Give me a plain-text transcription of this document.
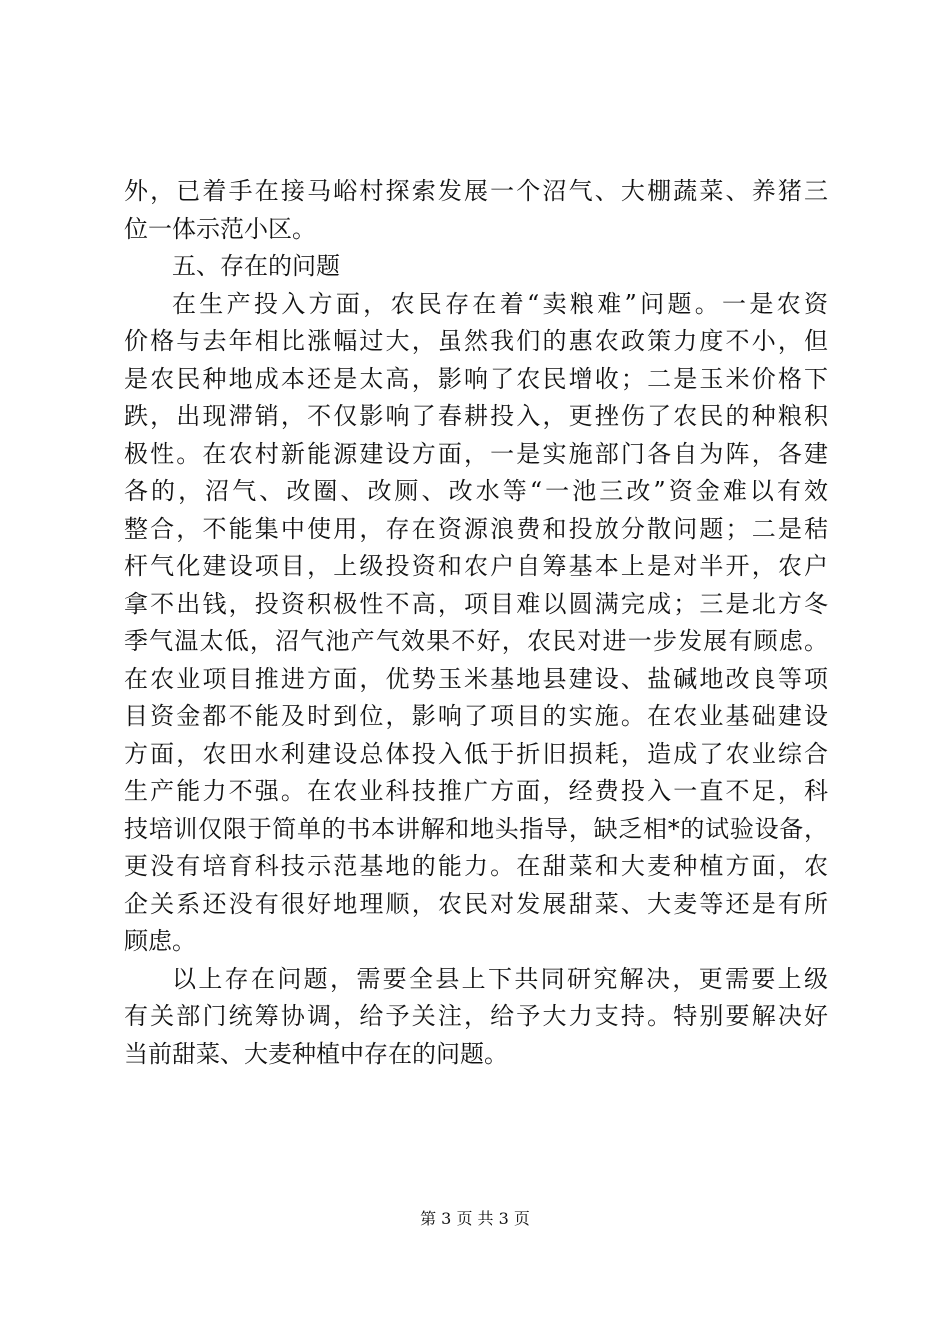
外，已着手在接马峪村探索发展一个沼气、大棚蔬菜、养猪三
位一体示范小区。
五、存在的问题
在生产投入方面，农民存在着“卖粮难”问题。一是农资
价格与去年相比涨幅过大，虽然我们的惠农政策力度不小，但
是农民种地成本还是太高，影响了农民增收；二是玉米价格下
跌，出现滞销，不仅影响了春耕投入，更挫伤了农民的种粮积
极性。在农村新能源建设方面，一是实施部门各自为阵，各建
各的，沼气、改圈、改厕、改水等“一池三改”资金难以有效
整合，不能集中使用，存在资源浪费和投放分散问题；二是秸
杆气化建设项目，上级投资和农户自筹基本上是对半开，农户
拿不出钱，投资积极性不高，项目难以圆满完成；三是北方冬
季气温太低，沼气池产气效果不好，农民对进一步发展有顾虑。
在农业项目推进方面，优势玉米基地县建设、盐碱地改良等项
目资金都不能及时到位，影响了项目的实施。在农业基础建设
方面，农田水利建设总体投入低于折旧损耗，造成了农业综合
生产能力不强。在农业科技推广方面，经费投入一直不足，科
技培训仅限于简单的书本讲解和地头指导，缺乏相*的试验设备，
更没有培育科技示范基地的能力。在甜菜和大麦种植方面，农
企关系还没有很好地理顺，农民对发展甜菜、大麦等还是有所
顾虑。
以上存在问题，需要全县上下共同研究解决，更需要上级
有关部门统筹协调，给予关注，给予大力支持。特别要解决好
当前甜菜、大麦种植中存在的问题。
第 3 页 共 3 页
